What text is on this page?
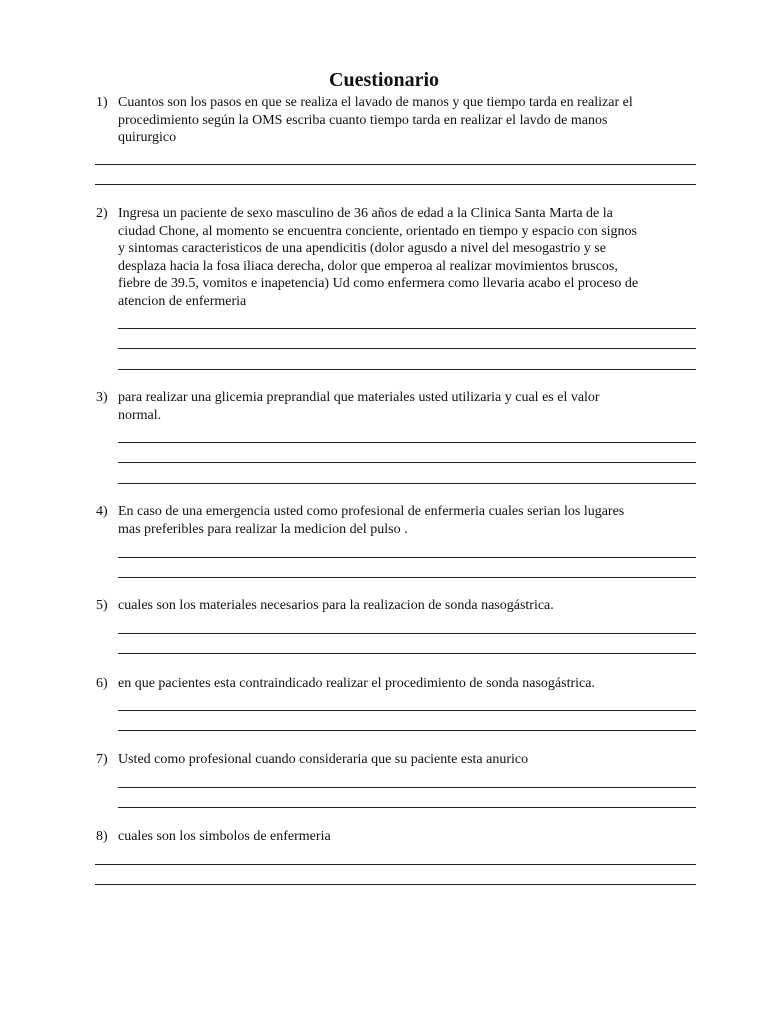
Cuestionario
1) Cuantos son los pasos en que se realiza el lavado de manos y que tiempo tarda en realizar el
procedimiento según la OMS escriba cuanto tiempo tarda en realizar el lavdo de manos
quirurgico
2) Ingresa un paciente de sexo masculino de 36 años de edad a la Clinica Santa Marta de la
ciudad Chone, al momento se encuentra conciente, orientado en tiempo y espacio con signos
y sintomas caracteristicos de una apendicitis (dolor agusdo a nivel del mesogastrio y se
desplaza hacia la fosa iliaca derecha, dolor que emperoa al realizar movimientos bruscos,
fiebre de 39.5, vomitos e inapetencia) Ud como enfermera como llevaria acabo el proceso de
atencion de enfermeria
3) para realizar una glicemia preprandial que materiales usted utilizaria y cual es el valor
normal.
4) En caso de una emergencia usted como profesional de enfermeria cuales serian los lugares
mas preferibles para realizar la medicion del pulso .
5) cuales son los materiales necesarios para la realizacion de sonda nasogástrica.
6) en que pacientes esta contraindicado realizar el procedimiento de sonda nasogástrica.
7) Usted como profesional cuando consideraria que su paciente esta anurico
8) cuales son los simbolos de enfermeria
